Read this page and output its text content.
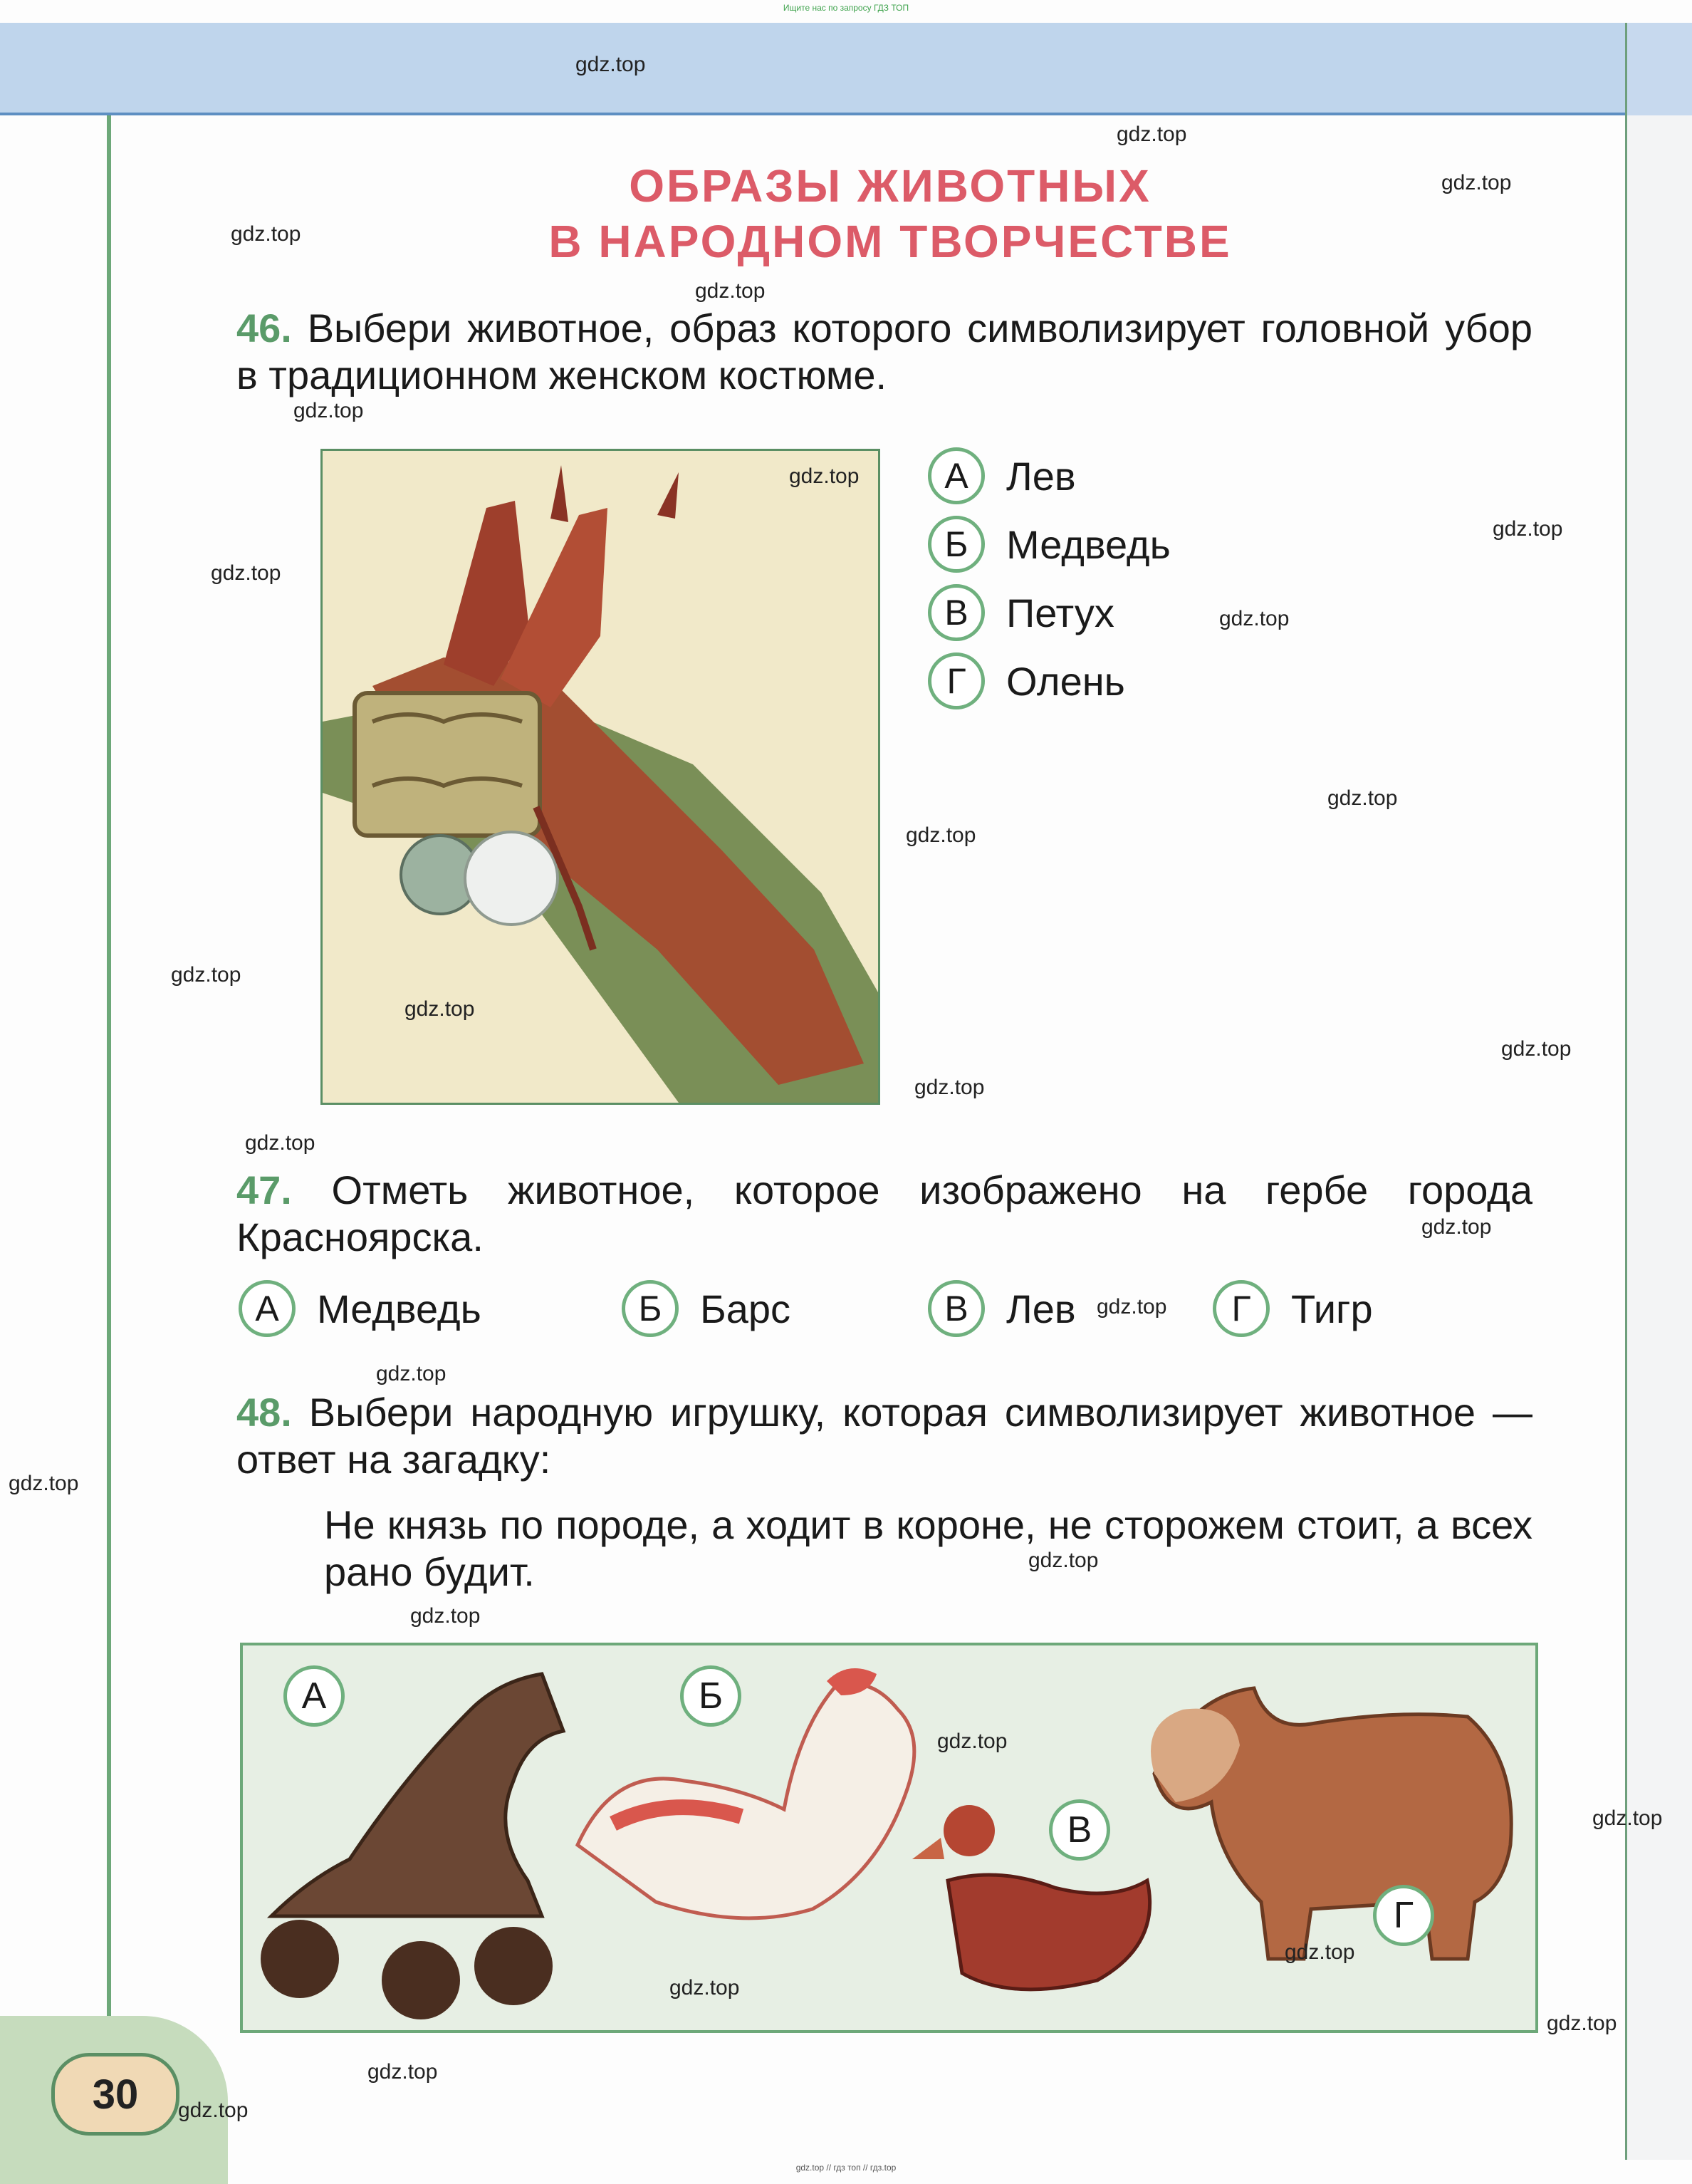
Ищите нас по запросу ГДЗ ТОП
ОБРАЗЫ ЖИВОТНЫХ
В НАРОДНОМ ТВОРЧЕСТВЕ
46. Выбери животное, образ которого символизирует головной убор в традиционном женском костюме.
А Лев
Б Медведь
В Петух
Г	Олень
47. Отметь животное, которое изображено на гербе города Красноярска.
А Медведь	Б Барс	В Лев	Г	Тигр
48. Выбери народную игрушку, которая символизирует животное — ответ на загадку:
Не князь по породе, а ходит в короне, не сторожем стоит, а всех рано будит.
А	Б
В
Г
30
gdz.top
gdz.top
gdz.top
gdz.top
gdz.top
gdz.top
gdz.top
gdz.top
gdz.top
gdz.top
gdz.top
gdz.top
gdz.top
gdz.top
gdz.top
gdz.top
gdz.top
gdz.top
gdz.top
gdz.top
gdz.top
gdz.top
gdz.top
gdz.top
gdz.top
gdz.top
gdz.top
gdz.top
gdz.top
gdz.top
gdz.top // гдз топ // гдз.top
